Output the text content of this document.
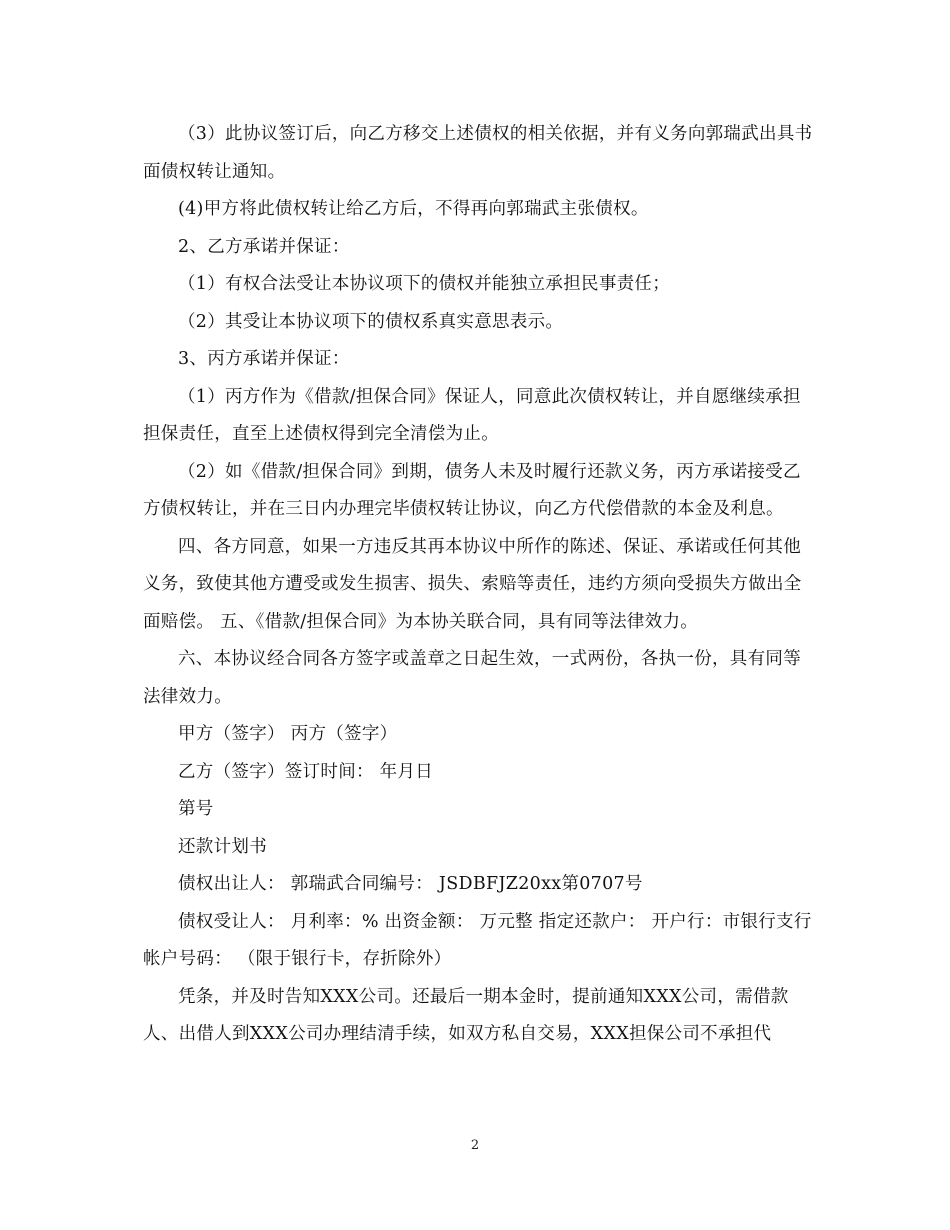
（3）此协议签订后，向乙方移交上述债权的相关依据，并有义务向郭瑞武出具书面债权转让通知。

(4)甲方将此债权转让给乙方后，不得再向郭瑞武主张债权。

2、乙方承诺并保证：

（1）有权合法受让本协议项下的债权并能独立承担民事责任；

（2）其受让本协议项下的债权系真实意思表示。

3、丙方承诺并保证：

（1）丙方作为《借款/担保合同》保证人，同意此次债权转让，并自愿继续承担担保责任，直至上述债权得到完全清偿为止。

（2）如《借款/担保合同》到期，债务人未及时履行还款义务，丙方承诺接受乙方债权转让，并在三日内办理完毕债权转让协议，向乙方代偿借款的本金及利息。

四、各方同意，如果一方违反其再本协议中所作的陈述、保证、承诺或任何其他义务，致使其他方遭受或发生损害、损失、索赔等责任，违约方须向受损失方做出全面赔偿。 五、《借款/担保合同》为本协关联合同，具有同等法律效力。

六、本协议经合同各方签字或盖章之日起生效，一式两份，各执一份，具有同等法律效力。

甲方（签字） 丙方（签字）

乙方（签字）签订时间： 年月日

第号

还款计划书

债权出让人： 郭瑞武合同编号： JSDBFJZ20xx第0707号

债权受让人： 月利率：% 出资金额： 万元整 指定还款户： 开户行：市银行支行 帐户号码： （限于银行卡，存折除外）

凭条，并及时告知XXX公司。还最后一期本金时，提前通知XXX公司，需借款人、出借人到XXX公司办理结清手续，如双方私自交易，XXX担保公司不承担代

2
